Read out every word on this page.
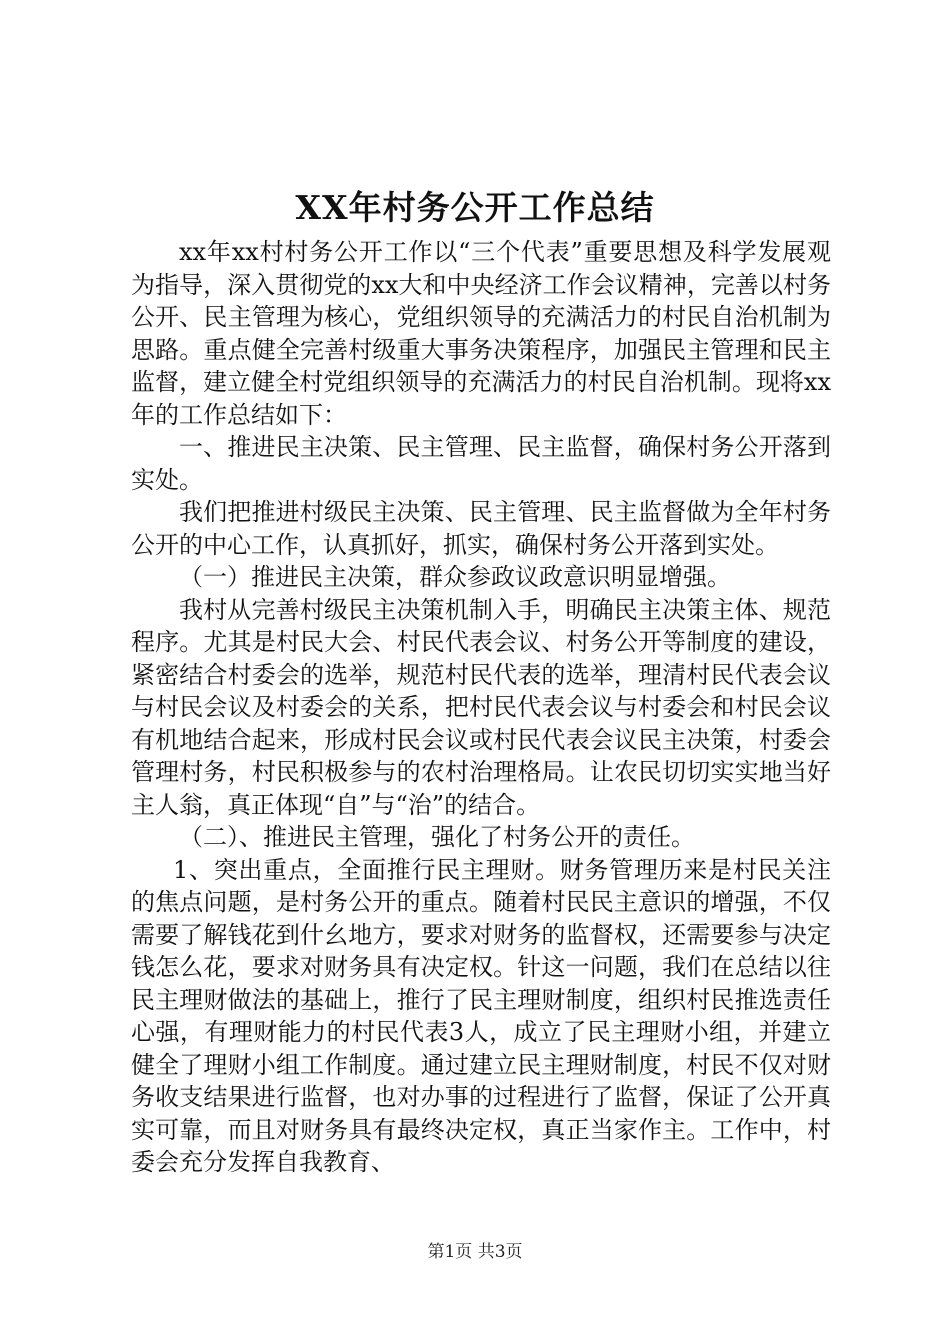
XX年村务公开工作总结

xx年xx村村务公开工作以“三个代表”重要思想及科学发展观为指导，深入贯彻党的xx大和中央经济工作会议精神，完善以村务公开、民主管理为核心，党组织领导的充满活力的村民自治机制为思路。重点健全完善村级重大事务决策程序，加强民主管理和民主监督，建立健全村党组织领导的充满活力的村民自治机制。现将xx年的工作总结如下：

一、推进民主决策、民主管理、民主监督，确保村务公开落到实处。

我们把推进村级民主决策、民主管理、民主监督做为全年村务公开的中心工作，认真抓好，抓实，确保村务公开落到实处。

（一）推进民主决策，群众参政议政意识明显增强。

我村从完善村级民主决策机制入手，明确民主决策主体、规范程序。尤其是村民大会、村民代表会议、村务公开等制度的建设，紧密结合村委会的选举，规范村民代表的选举，理清村民代表会议与村民会议及村委会的关系，把村民代表会议与村委会和村民会议有机地结合起来，形成村民会议或村民代表会议民主决策，村委会管理村务，村民积极参与的农村治理格局。让农民切切实实地当好主人翁，真正体现“自”与“治”的结合。

（二）、推进民主管理，强化了村务公开的责任。

1、突出重点，全面推行民主理财。财务管理历来是村民关注的焦点问题，是村务公开的重点。随着村民民主意识的增强，不仅需要了解钱花到什幺地方，要求对财务的监督权，还需要参与决定钱怎么花，要求对财务具有决定权。针这一问题，我们在总结以往民主理财做法的基础上，推行了民主理财制度，组织村民推选责任心强，有理财能力的村民代表3人，成立了民主理财小组，并建立健全了理财小组工作制度。通过建立民主理财制度，村民不仅对财务收支结果进行监督，也对办事的过程进行了监督，保证了公开真实可靠，而且对财务具有最终决定权，真正当家作主。工作中，村委会充分发挥自我教育、

第1页 共3页
